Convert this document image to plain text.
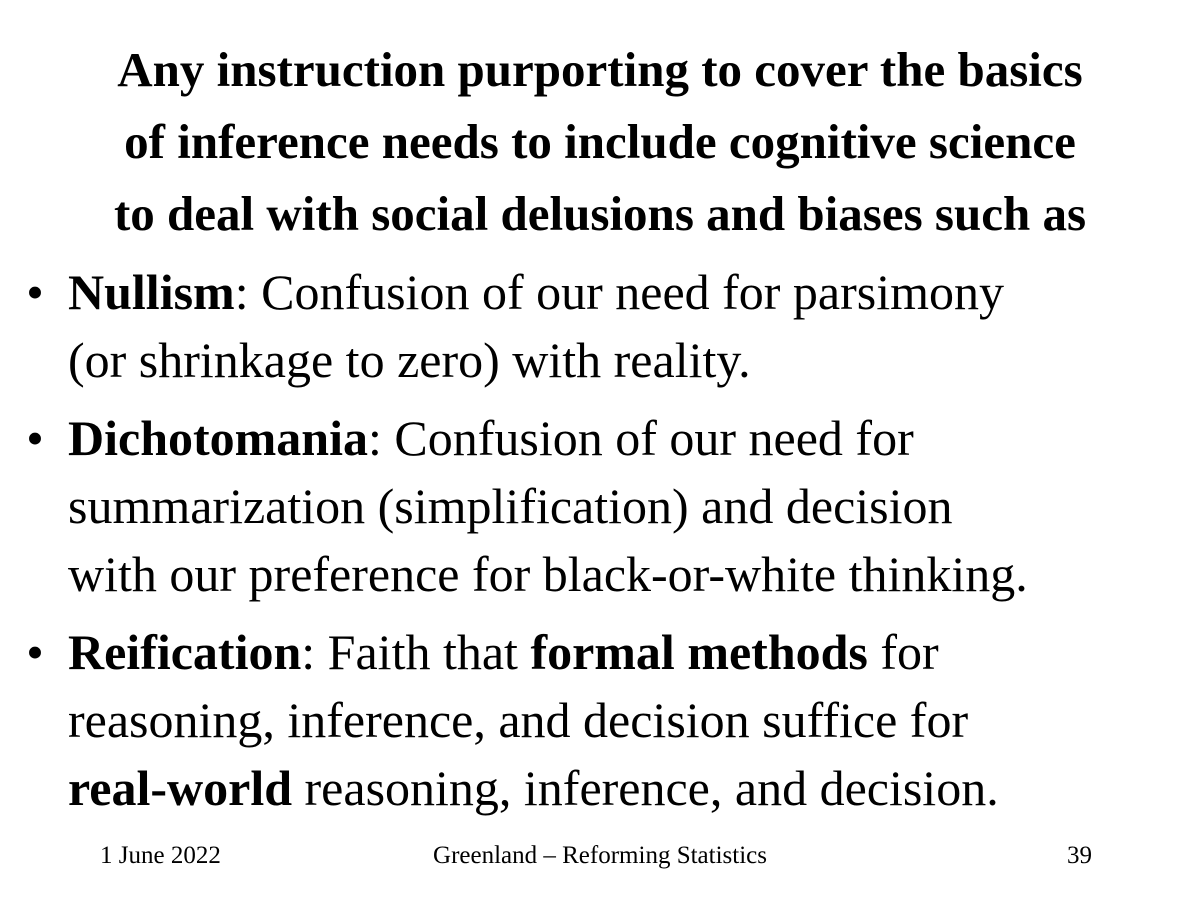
Any instruction purporting to cover the basics
of inference needs to include cognitive science
to deal with social delusions and biases such as
• Nullism: Confusion of our need for parsimony
(or shrinkage to zero) with reality.
• Dichotomania: Confusion of our need for
summarization (simplification) and decision
with our preference for black-or-white thinking.
• Reification: Faith that formal methods for
reasoning, inference, and decision suffice for
real-world reasoning, inference, and decision.
1 June 2022	Greenland – Reforming Statistics	39
